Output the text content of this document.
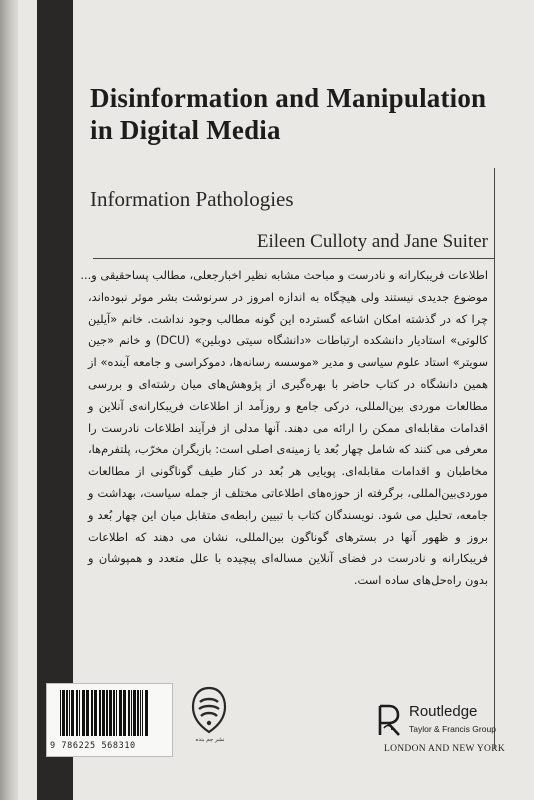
Disinformation and Manipulation in Digital Media

Information Pathologies

Eileen Culloty and Jane Suiter

اطلاعات فریبکارانه و نادرست و مباحث مشابه نظیر اخبارجعلی، مطالب پساحقیقی و...
موضوع جدیدی نیستند ولی هیچگاه به اندازه امروز در سرنوشت بشر موثر نبوده‌اند،
چرا که در گذشته امکان اشاعه گسترده این گونه مطالب وجود نداشت. خانم «آیلین
کالوتی» استادیار دانشکده ارتباطات «دانشگاه سیتی دوبلین» (DCU) و خانم «جین
سویتر» استاد علوم سیاسی و مدیر «موسسه رسانه‌ها، دموکراسی و جامعه آینده» از
همین دانشگاه در کتاب حاضر با بهره‌گیری از پژوهش‌های میان رشته‌ای و بررسی
مطالعات موردی بین‌المللی، درکی جامع و روزآمد از اطلاعات فریبکارانه‌ی آنلاین و
اقدامات مقابله‌ای ممکن را ارائه می دهند. آنها مدلی از فرآیند اطلاعات نادرست را
معرفی می کنند که شامل چهار بُعد یا زمینه‌ی اصلی است: بازیگران مخرّب، پلتفرم‌ها،
مخاطبان و اقدامات مقابله‌ای. پویایی هر بُعد در کنار طیف گوناگونی از مطالعات
موردی‌بین‌المللی، برگرفته از حوزه‌های اطلاعاتی مختلف از جمله سیاست، بهداشت و
جامعه، تحلیل می شود. نویسندگان کتاب با تبیین رابطه‌ی متقابل میان این چهار بُعد و
بروز و ظهور آنها در بسترهای گوناگون بین‌المللی، نشان می دهند که اطلاعات
فریبکارانه و نادرست در فضای آنلاین مساله‌ای پیچیده با علل متعدد و همپوشان و
بدون راه‌حل‌های ساده است.

9 786225 568310

نشر جم بنده

Routledge

Taylor & Francis Group

LONDON AND NEW YORK
